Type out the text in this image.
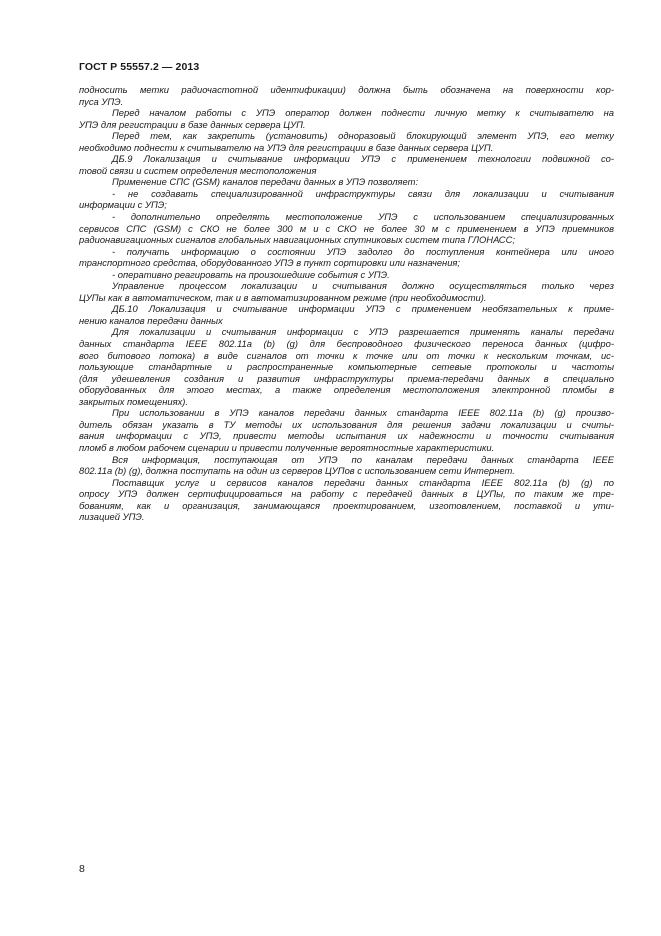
ГОСТ Р 55557.2 — 2013
подносить метки радиочастотной идентификации) должна быть обозначена на поверхности кор-
пуса УПЭ.
Перед началом работы с УПЭ оператор должен поднести личную метку к считывателю на
УПЭ для регистрации в базе данных сервера ЦУП.
Перед тем, как закрепить (установить) одноразовый блокирующий элемент УПЭ, его метку
необходимо поднести к считывателю на УПЭ для регистрации в базе данных сервера ЦУП.
ДБ.9 Локализация и считывание информации УПЭ с применением технологии подвижной со-
товой связи и систем определения местоположения
Применение СПС (GSM) каналов передачи данных в УПЭ позволяет:
- не создавать специализированной инфраструктуры связи для локализации и считывания
информации с УПЭ;
- дополнительно определять местоположение УПЭ с использованием специализированных
сервисов СПС (GSM) с СКО не более 300 м и с СКО не более 30 м с применением в УПЭ приемников
радионавигационных сигналов глобальных навигационных спутниковых систем типа ГЛОНАСС;
- получать информацию о состоянии УПЭ задолго до поступления контейнера или иного
транспортного средства, оборудованного УПЭ в пункт сортировки или назначения;
- оперативно реагировать на произошедшие события с УПЭ.
Управление процессом локализации и считывания должно осуществляться только через
ЦУПы как в автоматическом, так и в автоматизированном режиме (при необходимости).
ДБ.10 Локализация и считывание информации УПЭ с применением необязательных к приме-
нению каналов передачи данных
Для локализации и считывания информации с УПЭ разрешается применять каналы передачи
данных стандарта IEEE 802.11a (b) (g) для беспроводного физического переноса данных (цифро-
вого битового потока) в виде сигналов от точки к точке или от точки к нескольким точкам, ис-
пользующие стандартные и распространенные компьютерные сетевые протоколы и частоты
(для удешевления создания и развития инфраструктуры приема-передачи данных в специально
оборудованных для этого местах, а также определения местоположения электронной пломбы в
закрытых помещениях).
При использовании в УПЭ каналов передачи данных стандарта IEEE 802.11a (b) (g) произво-
дитель обязан указать в ТУ методы их использования для решения задачи локализации и считы-
вания информации с УПЭ, привести методы испытания их надежности и точности считывания
пломб в любом рабочем сценарии и привести полученные вероятностные характеристики.
Вся информация, поступающая от УПЭ по каналам передачи данных стандарта IEEE
802.11a (b) (g), должна поступать на один из серверов ЦУПов с использованием сети Интернет.
Поставщик услуг и сервисов каналов передачи данных стандарта IEEE 802.11a (b) (g) по
опросу УПЭ должен сертифицироваться на работу с передачей данных в ЦУПы, по таким же тре-
бованиям, как и организация, занимающаяся проектированием, изготовлением, поставкой и ути-
лизацией УПЭ.
8
